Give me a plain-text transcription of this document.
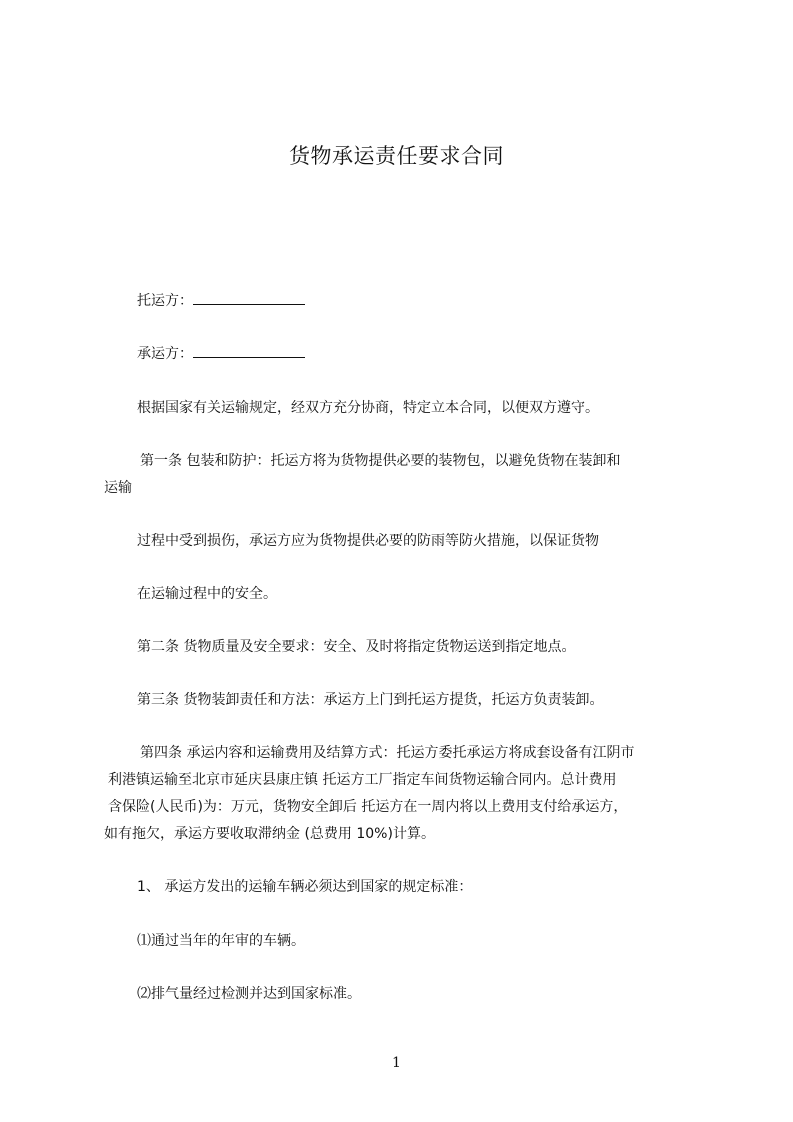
货物承运责任要求合同
托运方：
承运方：
根据国家有关运输规定，经双方充分协商，特定立本合同，以便双方遵守。
第一条 包装和防护：托运方将为货物提供必要的装物包，以避免货物在装卸和
运输
过程中受到损伤，承运方应为货物提供必要的防雨等防火措施，以保证货物
在运输过程中的安全。
第二条 货物质量及安全要求：安全、及时将指定货物运送到指定地点。
第三条 货物装卸责任和方法：承运方上门到托运方提货，托运方负责装卸。
第四条 承运内容和运输费用及结算方式：托运方委托承运方将成套设备有江阴市
利港镇运输至北京市延庆县康庄镇 托运方工厂指定车间货物运输合同内。总计费用
含保险(人民币)为：万元，货物安全卸后 托运方在一周内将以上费用支付给承运方，
如有拖欠，承运方要收取滞纳金 (总费用 10%)计算。
1、 承运方发出的运输车辆必须达到国家的规定标准：
⑴通过当年的年审的车辆。
⑵排气量经过检测并达到国家标准。
1
